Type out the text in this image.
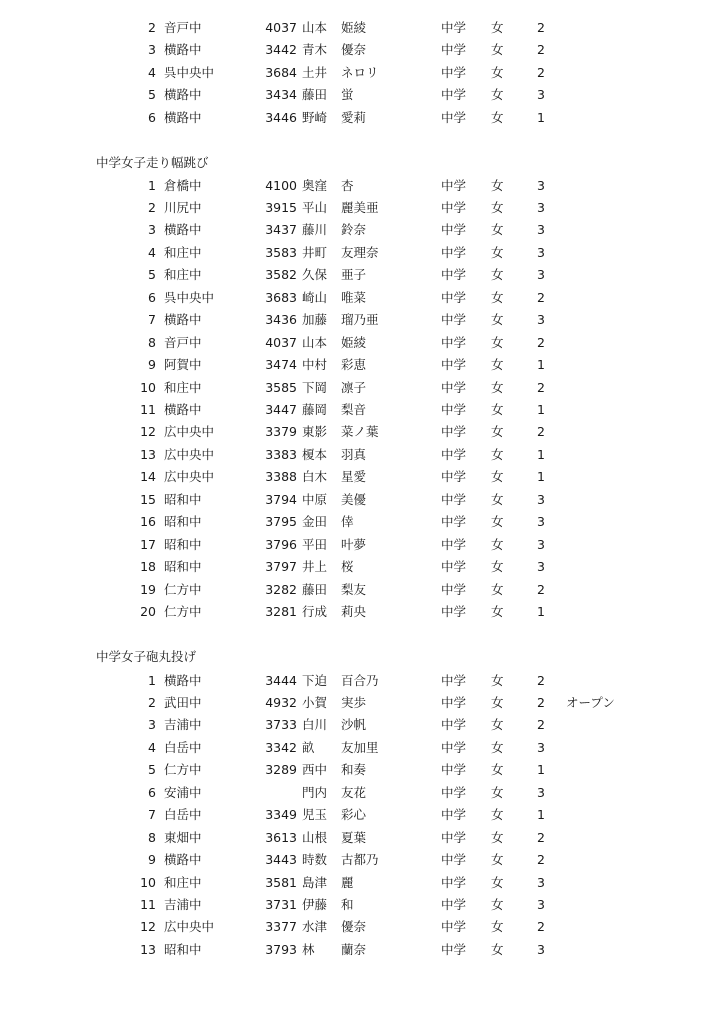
2 音戸中	4037 山本 姫綾	中学 女	2
3 横路中	3442 青木 優奈	中学 女	2
4 呉中央中	3684 土井 ネロリ	中学 女	2
5 横路中	3434 藤田 蛍	中学 女	3
6 横路中	3446 野崎 愛莉	中学 女	1
中学女子走り幅跳び
1 倉橋中	4100 奥窪 杏	中学 女	3
2 川尻中	3915 平山 麗美亜	中学 女	3
3 横路中	3437 藤川 鈴奈	中学 女	3
4 和庄中	3583 井町 友理奈	中学 女	3
5 和庄中	3582 久保 亜子	中学 女	3
6 呉中央中	3683 崎山 唯菜	中学 女	2
7 横路中	3436 加藤 瑠乃亜	中学 女	3
8 音戸中	4037 山本 姫綾	中学 女	2
9 阿賀中	3474 中村 彩恵	中学 女	1
10 和庄中	3585 下岡 凛子	中学 女	2
11 横路中	3447 藤岡 梨音	中学 女	1
12 広中央中	3379 東影 菜ノ葉	中学 女	2
13 広中央中	3383 榎本 羽真	中学 女	1
14 広中央中	3388 白木 星愛	中学 女	1
15 昭和中	3794 中原 美優	中学 女	3
16 昭和中	3795 金田 倖	中学 女	3
17 昭和中	3796 平田 叶夢	中学 女	3
18 昭和中	3797 井上 桜	中学 女	3
19 仁方中	3282 藤田 梨友	中学 女	2
20 仁方中	3281 行成 莉央	中学 女	1
中学女子砲丸投げ
1 横路中	3444 下迫 百合乃	中学 女	2
2 武田中	4932 小賀 実歩	中学 女	2 オープン
3 吉浦中	3733 白川 沙帆	中学 女	2
4 白岳中	3342 畝 友加里	中学 女	3
5 仁方中	3289 西中 和奏	中学 女	1
6 安浦中	門内 友花	中学 女	3
7 白岳中	3349 児玉 彩心	中学 女	1
8 東畑中	3613 山根 夏葉	中学 女	2
9 横路中	3443 時数 古都乃	中学 女	2
10 和庄中	3581 島津 麗	中学 女	3
11 吉浦中	3731 伊藤 和	中学 女	3
12 広中央中	3377 水津 優奈	中学 女	2
13 昭和中	3793 林 蘭奈	中学 女	3
